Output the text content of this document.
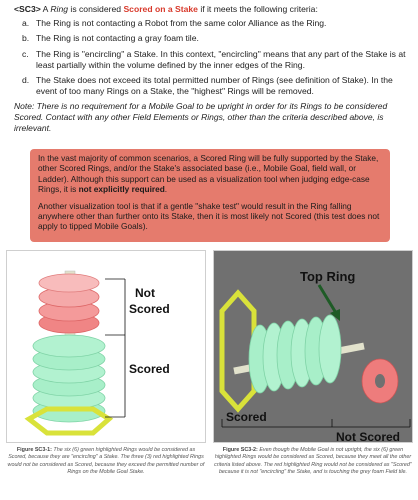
<SC3> A Ring is considered Scored on a Stake if it meets the following criteria:
a. The Ring is not contacting a Robot from the same color Alliance as the Ring.
b. The Ring is not contacting a gray foam tile.
c. The Ring is "encircling" a Stake. In this context, "encircling" means that any part of the Stake is at least partially within the volume defined by the inner edges of the Ring.
d. The Stake does not exceed its total permitted number of Rings (see definition of Stake). In the event of too many Rings on a Stake, the "highest" Rings will be removed.

Note: There is no requirement for a Mobile Goal to be upright in order for its Rings to be considered Scored. Contact with any other Field Elements or Rings, other than the criteria described above, is irrelevant.

In the vast majority of common scenarios, a Scored Ring will be fully supported by the Stake, other Scored Rings, and/or the Stake's associated base (i.e., Mobile Goal, field wall, or Ladder). Although this support can be used as a visualization tool when judging edge-case Rings, it is not explicitly required.

Another visualization tool is that if a gentle "shake test" would result in the Ring falling anywhere other than further onto its Stake, then it is most likely not Scored (this test does not apply to tipped Mobile Goals).

Not
Scored
Scored
Top Ring
Scored
Not Scored
Figure SC3-1: The six (6) green highlighted Rings would be considered as Scored, because they are "encircling" a Stake. The three (3) red highlighted Rings would not be considered as Scored, because they exceed the permitted number of Rings on the Mobile Goal Stake.
Figure SC3-2: Even though the Mobile Goal is not upright, the six (6) green highlighted Rings would be considered as Scored, because they meet all the other criteria listed above. The red highlighted Ring would not be considered as "Scored" because it is not "encircling" the Stake, and is touching the grey foam Field tile.
